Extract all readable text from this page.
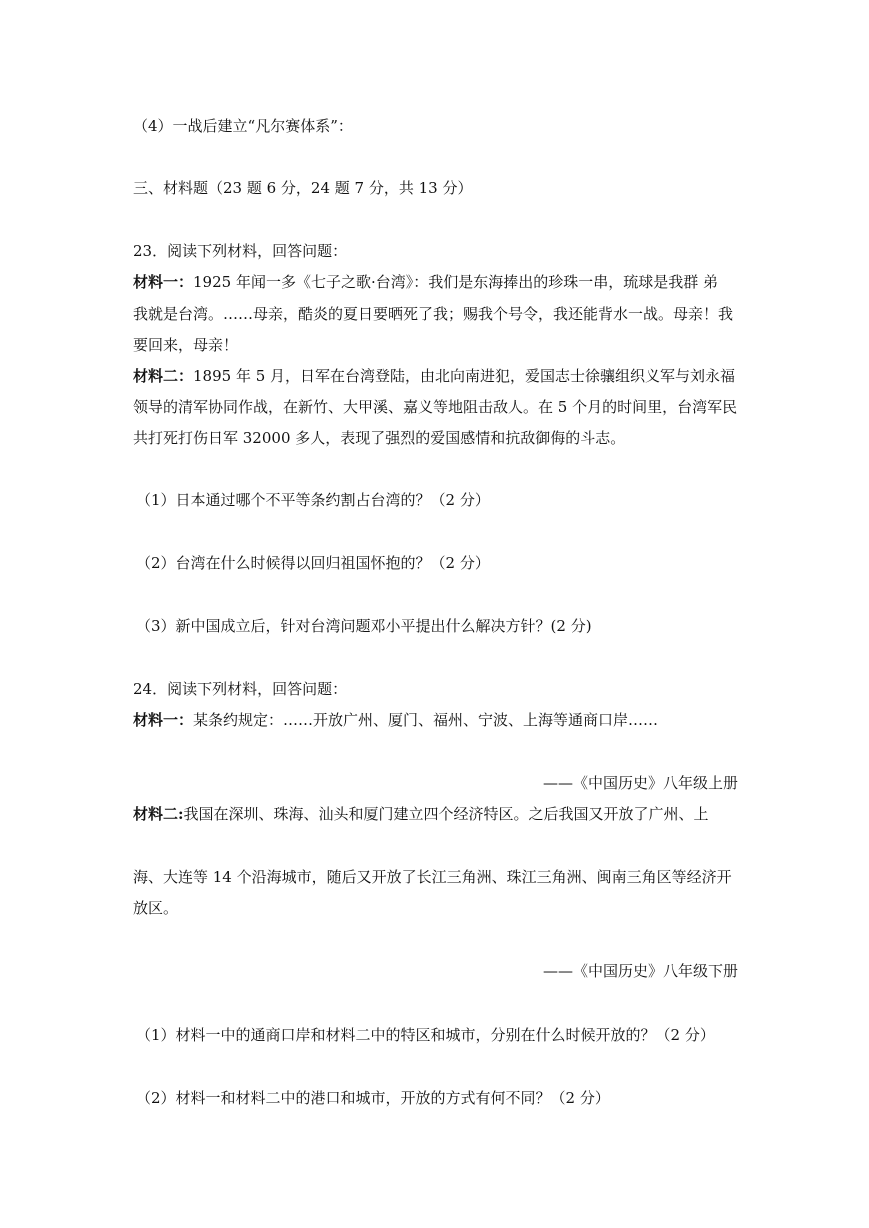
（4）一战后建立“凡尔赛体系”：

三、材料题（23 题 6 分，24 题 7 分，共 13 分）

23．阅读下列材料，回答问题：

材料一：1925 年闻一多《七子之歌·台湾》：我们是东海捧出的珍珠一串，琉球是我群 弟

我就是台湾。……母亲，酷炎的夏日要晒死了我；赐我个号令，我还能背水一战。母亲！我

要回来，母亲！

材料二：1895 年 5 月，日军在台湾登陆，由北向南进犯，爱国志士徐骧组织义军与刘永福

领导的清军协同作战，在新竹、大甲溪、嘉义等地阻击敌人。在 5 个月的时间里，台湾军民

共打死打伤日军 32000 多人，表现了强烈的爱国感情和抗敌御侮的斗志。

（1）日本通过哪个不平等条约割占台湾的？（2 分）

（2）台湾在什么时候得以回归祖国怀抱的？（2 分）

（3）新中国成立后，针对台湾问题邓小平提出什么解决方针？(2 分)

24．阅读下列材料，回答问题：

材料一：某条约规定：……开放广州、厦门、福州、宁波、上海等通商口岸……

——《中国历史》八年级上册

材料二:我国在深圳、珠海、汕头和厦门建立四个经济特区。之后我国又开放了广州、上

海、大连等 14 个沿海城市，随后又开放了长江三角洲、珠江三角洲、闽南三角区等经济开

放区。

——《中国历史》八年级下册

（1）材料一中的通商口岸和材料二中的特区和城市，分别在什么时候开放的？（2 分）

（2）材料一和材料二中的港口和城市，开放的方式有何不同？（2 分）
